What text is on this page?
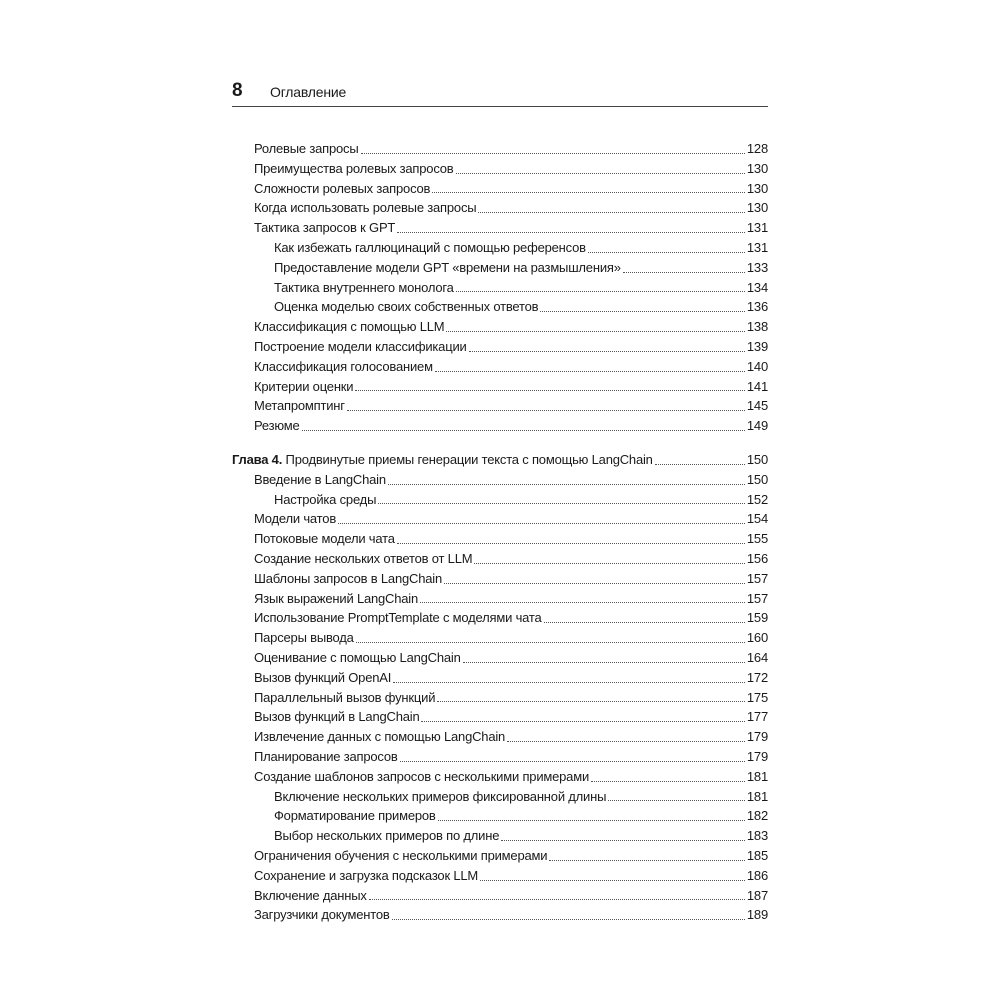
8 Оглавление
Ролевые запросы	128
Преимущества ролевых запросов	130
Сложности ролевых запросов	130
Когда использовать ролевые запросы	130
Тактика запросов к GPT	131
Как избежать галлюцинаций с помощью референсов	131
Предоставление модели GPT «времени на размышления»	133
Тактика внутреннего монолога	134
Оценка моделью своих собственных ответов	136
Классификация с помощью LLM	138
Построение модели классификации	139
Классификация голосованием	140
Критерии оценки	141
Метапромптинг	145
Резюме	149
Глава 4. Продвинутые приемы генерации текста с помощью LangChain	150
Введение в LangChain	150
Настройка среды	152
Модели чатов	154
Потоковые модели чата	155
Создание нескольких ответов от LLM	156
Шаблоны запросов в LangChain	157
Язык выражений LangChain	157
Использование PromptTemplate с моделями чата	159
Парсеры вывода	160
Оценивание с помощью LangChain	164
Вызов функций OpenAI	172
Параллельный вызов функций	175
Вызов функций в LangChain	177
Извлечение данных с помощью LangChain	179
Планирование запросов	179
Создание шаблонов запросов с несколькими примерами	181
Включение нескольких примеров фиксированной длины	181
Форматирование примеров	182
Выбор нескольких примеров по длине	183
Ограничения обучения с несколькими примерами	185
Сохранение и загрузка подсказок LLM	186
Включение данных	187
Загрузчики документов	189
